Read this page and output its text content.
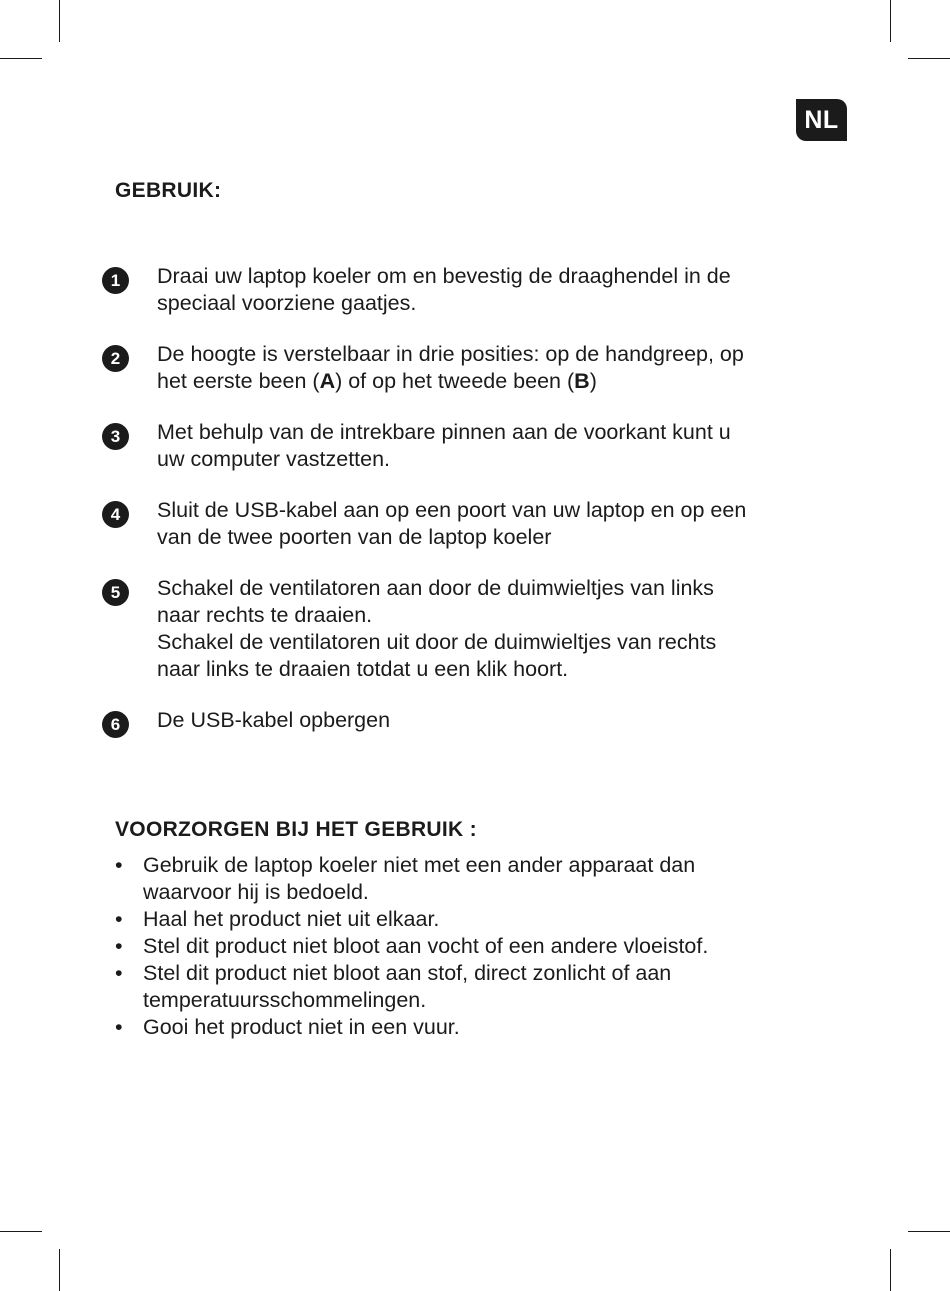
NL
GEBRUIK:
1	Draai uw laptop koeler om en bevestig de draaghendel in de
speciaal voorziene gaatjes.
2	De hoogte is verstelbaar in drie posities: op de handgreep, op
het eerste been (A) of op het tweede been (B)
3	Met behulp van de intrekbare pinnen aan de voorkant kunt u
uw computer vastzetten.
4	Sluit de USB-kabel aan op een poort van uw laptop en op een
van de twee poorten van de laptop koeler
5	Schakel de ventilatoren aan door de duimwieltjes van links
naar rechts te draaien.
Schakel de ventilatoren uit door de duimwieltjes van rechts
naar links te draaien totdat u een klik hoort.
6	De USB-kabel opbergen
VOORZORGEN BIJ HET GEBRUIK :
• Gebruik de laptop koeler niet met een ander apparaat dan
waarvoor hij is bedoeld.
• Haal het product niet uit elkaar.
• Stel dit product niet bloot aan vocht of een andere vloeistof.
• Stel dit product niet bloot aan stof, direct zonlicht of aan
temperatuursschommelingen.
• Gooi het product niet in een vuur.
